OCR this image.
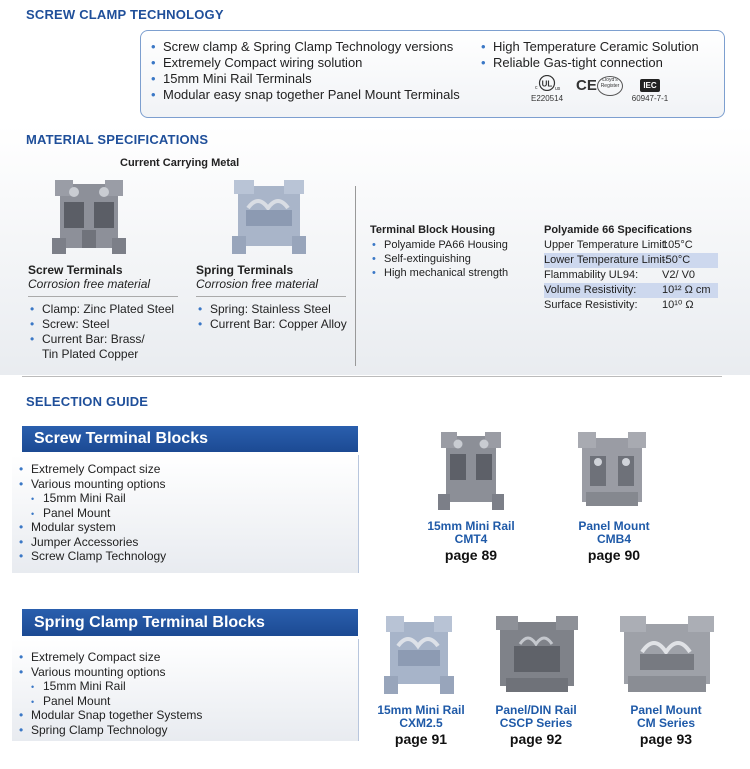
SCREW CLAMP TECHNOLOGY
• Screw clamp & Spring Clamp Technology versions
• Extremely Compact wiring solution
• 15mm Mini Rail Terminals
• Modular easy snap together Panel Mount Terminals
• High Temperature Ceramic Solution
• Reliable Gas-tight connection
UL
c	us
E220514
CE	Lloyd's Register	IEC
60947-7-1
MATERIAL SPECIFICATIONS
Current Carrying Metal
Screw Terminals
Corrosion free material
• Clamp: Zinc Plated Steel
• Screw: Steel
• Current Bar: Brass/
Tin Plated Copper
Spring Terminals
Corrosion free material
• Spring: Stainless Steel
• Current Bar: Copper Alloy
Terminal Block Housing
• Polyamide PA66 Housing
• Self-extinguishing
• High mechanical strength
Polyamide 66 Specifications
Upper Temperature Limit:
105°C
Lower Temperature Limit:
-50°C
Flammability UL94:	V2/ V0
Volume Resistivity:	10¹² Ω cm
Surface Resistivity:	10¹⁰ Ω
SELECTION GUIDE
Screw Terminal Blocks
• Extremely Compact size
• Various mounting options
• 15mm Mini Rail
• Panel Mount
• Modular system
• Jumper Accessories
• Screw Clamp Technology
15mm Mini Rail
CMT4
page 89
Panel Mount
CMB4
page 90
Spring Clamp Terminal Blocks
• Extremely Compact size
• Various mounting options
• 15mm Mini Rail
• Panel Mount
• Modular Snap together Systems
• Spring Clamp Technology
15mm Mini Rail
CXM2.5
page 91
Panel/DIN Rail
CSCP Series
page 92
Panel Mount
CM Series
page 93
